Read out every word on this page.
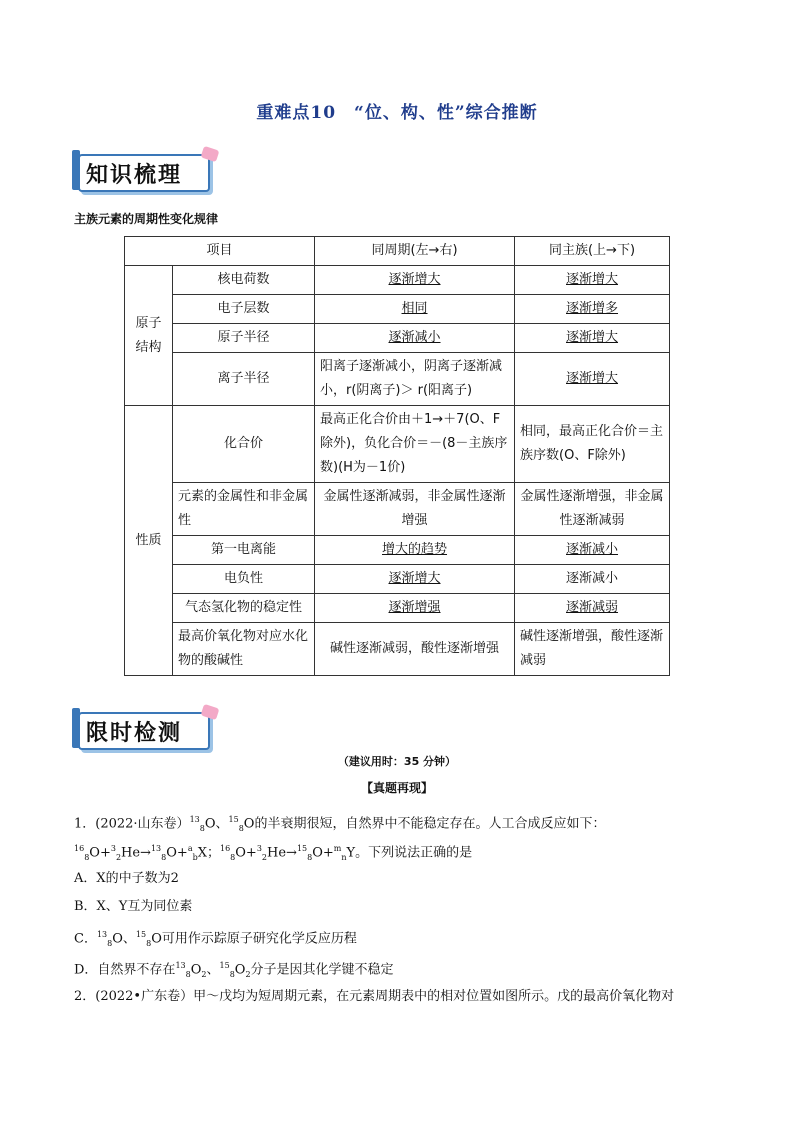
重难点10　“位、构、性”综合推断
知识梳理
主族元素的周期性变化规律
项目		同周期(左→右)	同主族(上→下)
原子
结构	核电荷数	逐渐增大	逐渐增大
	电子层数	相同	逐渐增多
	原子半径	逐渐减小	逐渐增大
	离子半径	阳离子逐渐减小，阴离子逐渐减小，r(阴离子)＞ r(阳离子)	逐渐增大
性质	化合价	最高正化合价由＋1→＋7(O、F除外)，负化合价＝－(8－主族序数)(H为－1价)	相同，最高正化合价＝主族序数(O、F除外)
	元素的金属性和非金属性	金属性逐渐减弱，非金属性逐渐增强	金属性逐渐增强，非金属性逐渐减弱
	第一电离能	增大的趋势	逐渐减小
	电负性	逐渐增大	逐渐减小
	气态氢化物的稳定性	逐渐增强	逐渐减弱
	最高价氧化物对应水化物的酸碱性	碱性逐渐减弱，酸性逐渐增强	碱性逐渐增强，酸性逐渐减弱
限时检测
（建议用时：35 分钟）
【真题再现】
1．(2022·山东卷）$^{13}_8$O、$^{15}_8$O的半衰期很短，自然界中不能稳定存在。人工合成反应如下：
$^{16}_8$O+$^3_2$He→$^{13}_8$O+$^a_b$X；$^{16}_8$O+$^3_2$He→$^{15}_8$O+$^m_n$Y。下列说法正确的是
A．X的中子数为2
B．X、Y互为同位素
C．$^{13}_8$O、$^{15}_8$O可用作示踪原子研究化学反应历程
D．自然界不存在$^{13}_8O_2$、$^{15}_8O_2$分子是因其化学键不稳定
2．(2022•广东卷）甲～戊均为短周期元素，在元素周期表中的相对位置如图所示。戊的最高价氧化物对
